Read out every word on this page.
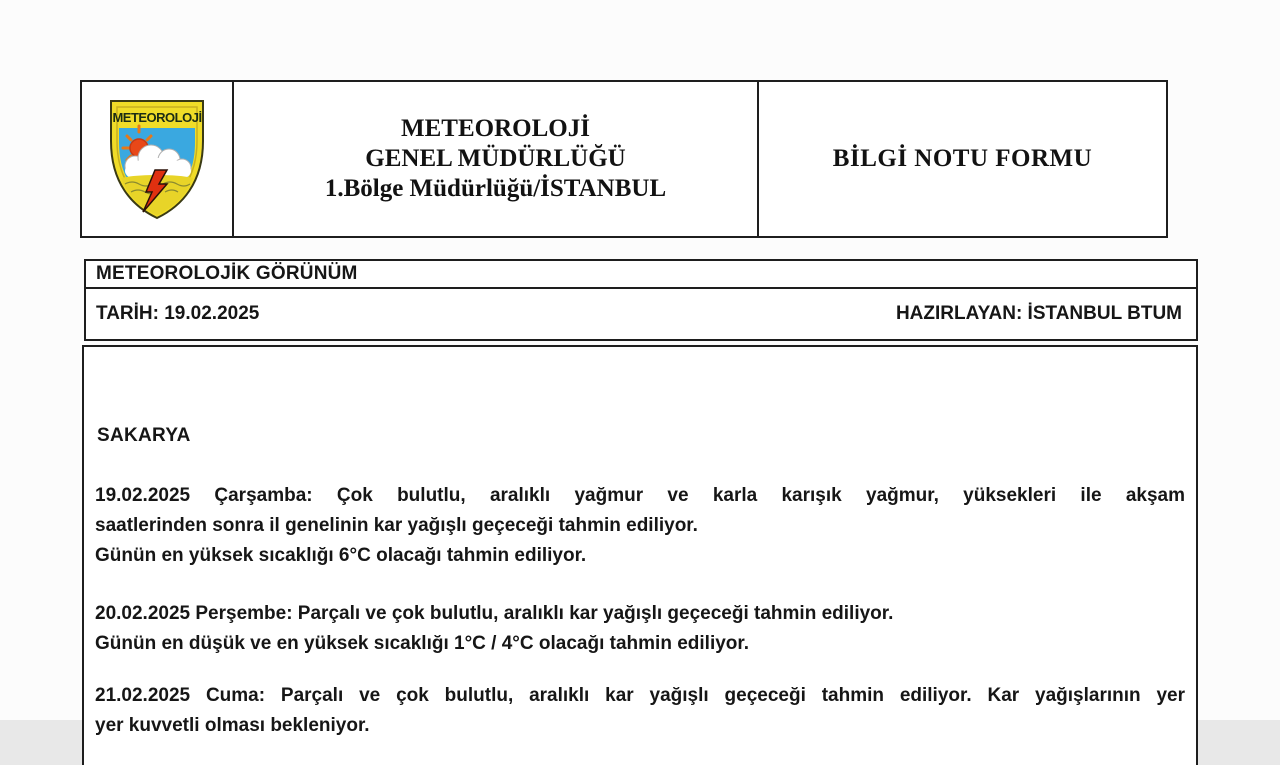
METEOROLOJİ	METEOROLOJİ
GENEL MÜDÜRLÜĞÜ
1.Bölge Müdürlüğü/İSTANBUL
BİLGİ NOTU FORMU
METEOROLOJİK GÖRÜNÜM
TARİH: 19.02.2025	HAZIRLAYAN: İSTANBUL BTUM
SAKARYA
19.02.2025 Çarşamba: Çok bulutlu, aralıklı yağmur ve karla karışık yağmur, yüksekleri ile akşam
saatlerinden sonra il genelinin kar yağışlı geçeceği tahmin ediliyor.
Günün en yüksek sıcaklığı 6°C olacağı tahmin ediliyor.
20.02.2025 Perşembe: Parçalı ve çok bulutlu, aralıklı kar yağışlı geçeceği tahmin ediliyor.
Günün en düşük ve en yüksek sıcaklığı 1°C / 4°C olacağı tahmin ediliyor.
21.02.2025 Cuma: Parçalı ve çok bulutlu, aralıklı kar yağışlı geçeceği tahmin ediliyor. Kar yağışlarının yer
yer kuvvetli olması bekleniyor.
